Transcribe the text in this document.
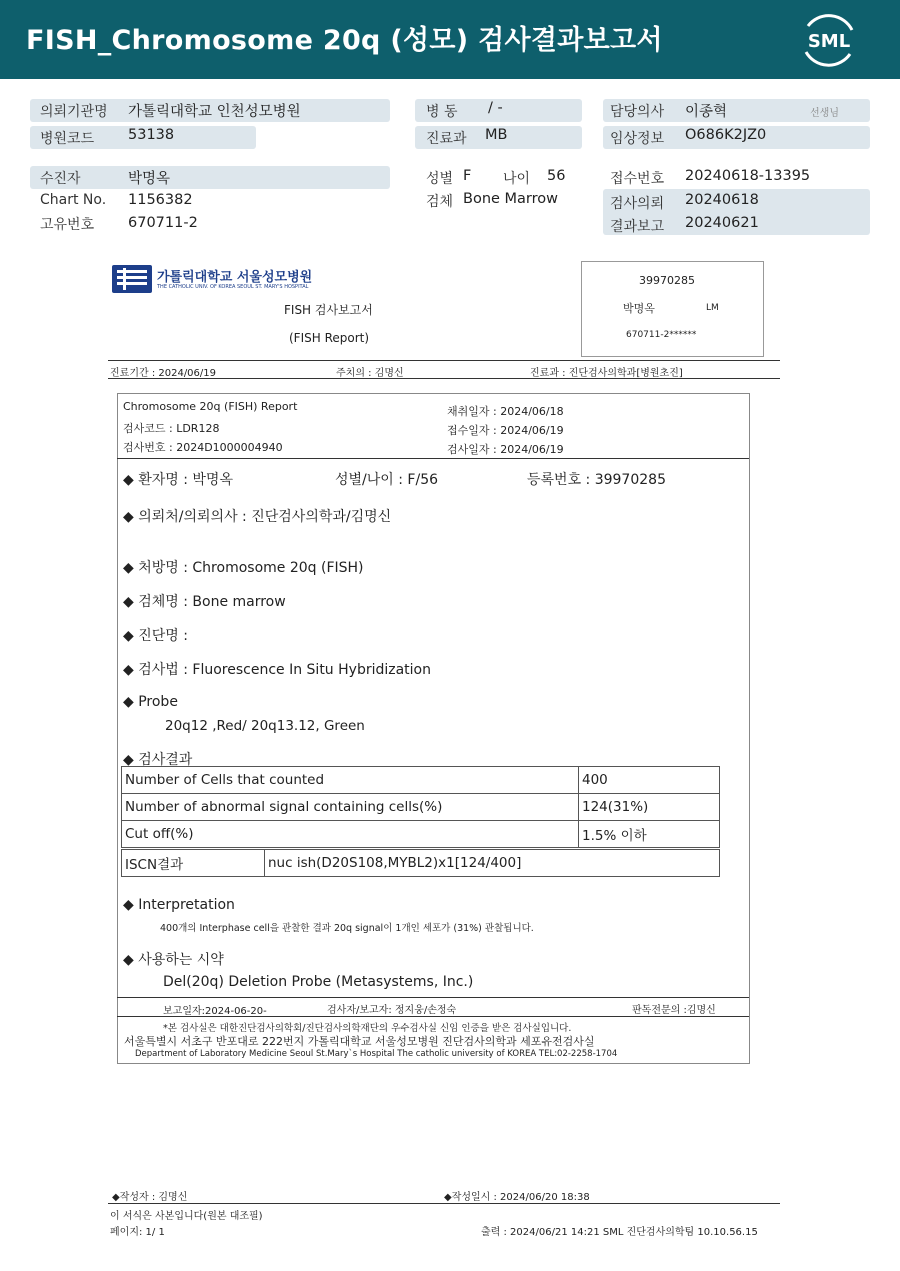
FISH_Chromosome 20q (성모) 검사결과보고서	SML
의뢰기관명 가톨릭대학교 인천성모병원
병원코드 53138
병 동 / -
진료과 MB
담당의사 이종혁	선생님
임상정보 O686K2JZ0
수진자	박명옥
Chart No. 1156382
고유번호 670711-2
성별 F 나이 56
검체 Bone Marrow
접수번호 20240618-13395
검사의뢰 20240618
결과보고 20240621
가톨릭대학교 서울성모병원
THE CATHOLIC UNIV. OF KOREA SEOUL ST. MARY'S HOSPITAL
FISH 검사보고서
(FISH Report)
39970285
박명옥	LM
670711-2******
진료기간 : 2024/06/19	주치의 : 김명신	진료과 : 진단검사의학과[병원초진]
Chromosome 20q (FISH) Report
검사코드 : LDR128
검사번호 : 2024D1000004940
채취일자 : 2024/06/18
접수일자 : 2024/06/19
검사일자 : 2024/06/19
◆ 환자명 : 박명옥	성별/나이 : F/56	등록번호 : 39970285
◆ 의뢰처/의뢰의사 : 진단검사의학과/김명신
◆ 처방명 : Chromosome 20q (FISH)
◆ 검체명 : Bone marrow
◆ 진단명 :
◆ 검사법 : Fluorescence In Situ Hybridization
◆ Probe
20q12 ,Red/ 20q13.12, Green
◆ 검사결과
Number of Cells that counted	400
Number of abnormal signal containing cells(%)	124(31%)
Cut off(%)	1.5% 이하
ISCN결과	nuc ish(D20S108,MYBL2)x1[124/400]
◆ Interpretation
400개의 Interphase cell을 관찰한 결과 20q signal이 1개인 세포가 (31%) 관찰됩니다.
◆ 사용하는 시약
Del(20q) Deletion Probe (Metasystems, Inc.)
보고일자:2024-06-20-	검사자/보고자: 정지웅/손정숙	판독전문의 :김명신
*본 검사실은 대한진단검사의학회/진단검사의학재단의 우수검사실 신임 인증을 받은 검사실입니다.
서울특별시 서초구 반포대로 222번지 가톨릭대학교 서울성모병원 진단검사의학과 세포유전검사실
Department of Laboratory Medicine Seoul St.Mary`s Hospital The catholic university of KOREA TEL:02-2258-1704
◆작성자 : 김명신	◆작성일시 : 2024/06/20 18:38
이 서식은 사본입니다(원본 대조필)
페이지: 1/ 1	출력 : 2024/06/21 14:21 SML 진단검사의학팀 10.10.56.15
